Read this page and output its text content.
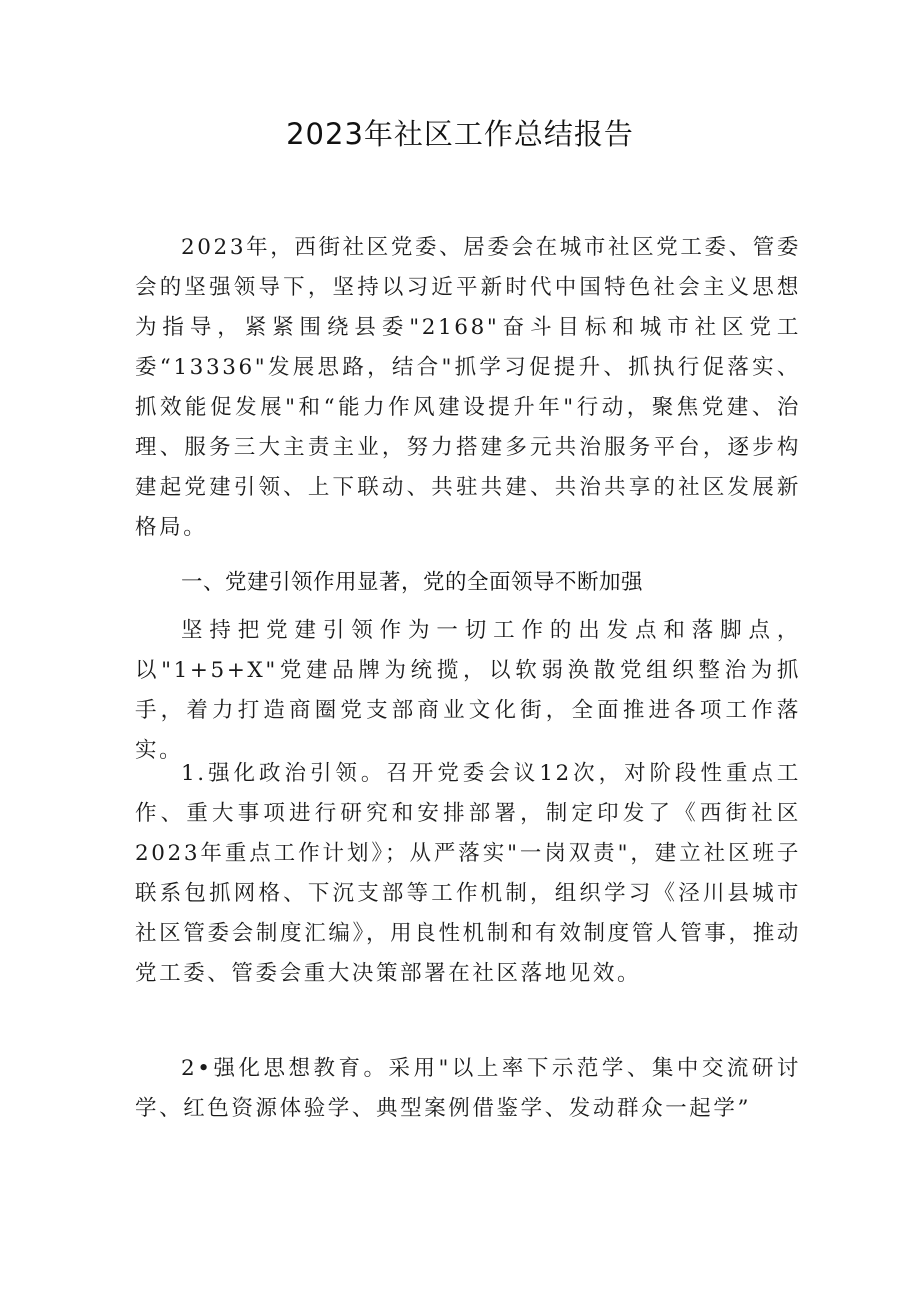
2023年社区工作总结报告

2023年，西街社区党委、居委会在城市社区党工委、管委会的坚强领导下，坚持以习近平新时代中国特色社会主义思想为指导，紧紧围绕县委"2168"奋斗目标和城市社区党工委“13336"发展思路，结合"抓学习促提升、抓执行促落实、抓效能促发展"和“能力作风建设提升年"行动，聚焦党建、治理、服务三大主责主业，努力搭建多元共治服务平台，逐步构建起党建引领、上下联动、共驻共建、共治共享的社区发展新格局。

一、党建引领作用显著，党的全面领导不断加强

坚持把党建引领作为一切工作的出发点和落脚点，以"1+5+X"党建品牌为统揽，以软弱涣散党组织整治为抓手，着力打造商圈党支部商业文化街，全面推进各项工作落实。

1.强化政治引领。召开党委会议12次，对阶段性重点工作、重大事项进行研究和安排部署，制定印发了《西街社区2023年重点工作计划》；从严落实"一岗双责"，建立社区班子联系包抓网格、下沉支部等工作机制，组织学习《泾川县城市社区管委会制度汇编》，用良性机制和有效制度管人管事，推动党工委、管委会重大决策部署在社区落地见效。

2•强化思想教育。采用"以上率下示范学、集中交流研讨学、红色资源体验学、典型案例借鉴学、发动群众一起学”
